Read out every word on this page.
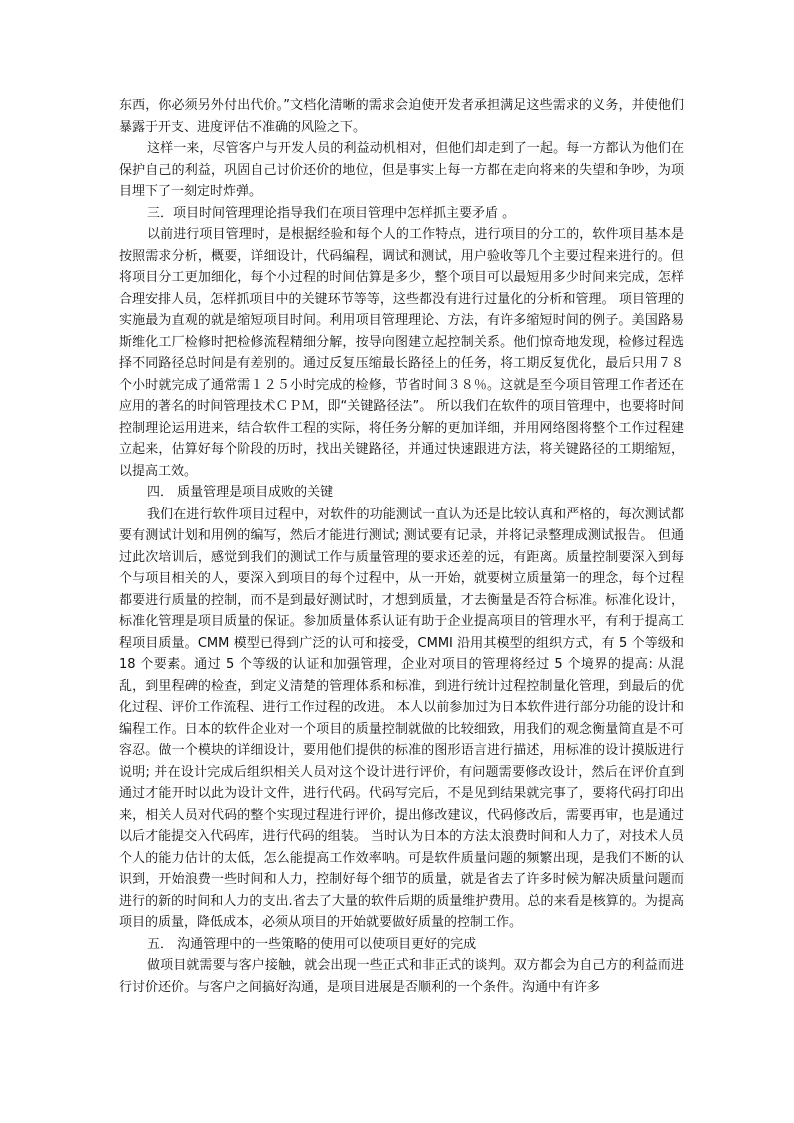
东西，你必须另外付出代价。”文档化清晰的需求会迫使开发者承担满足这些需求的义务，并使他们暴露于开支、进度评估不准确的风险之下。

这样一来，尽管客户与开发人员的利益动机相对，但他们却走到了一起。每一方都认为他们在保护自己的利益，巩固自己讨价还价的地位，但是事实上每一方都在走向将来的失望和争吵，为项目埋下了一刻定时炸弹。

三．项目时间管理理论指导我们在项目管理中怎样抓主要矛盾 。

以前进行项目管理时，是根据经验和每个人的工作特点，进行项目的分工的，软件项目基本是按照需求分析，概要，详细设计，代码编程，调试和测试，用户验收等几个主要过程来进行的。但将项目分工更加细化，每个小过程的时间估算是多少，整个项目可以最短用多少时间来完成，怎样合理安排人员，怎样抓项目中的关键环节等等，这些都没有进行过量化的分析和管理。 项目管理的实施最为直观的就是缩短项目时间。利用项目管理理论、方法，有许多缩短时间的例子。美国路易斯维化工厂检修时把检修流程精细分解，按导向图建立起控制关系。他们惊奇地发现，检修过程选择不同路径总时间是有差别的。通过反复压缩最长路径上的任务，将工期反复优化，最后只用７８个小时就完成了通常需１２５小时完成的检修，节省时间３８％。这就是至今项目管理工作者还在应用的著名的时间管理技术ＣＰＭ，即“关键路径法”。 所以我们在软件的项目管理中，也要将时间控制理论运用进来，结合软件工程的实际，将任务分解的更加详细，并用网络图将整个工作过程建立起来，估算好每个阶段的历时，找出关键路径，并通过快速跟进方法，将关键路径的工期缩短，以提高工效。

四． 质量管理是项目成败的关键

我们在进行软件项目过程中，对软件的功能测试一直认为还是比较认真和严格的，每次测试都要有测试计划和用例的编写，然后才能进行测试; 测试要有记录，并将记录整理成测试报告。 但通过此次培训后，感觉到我们的测试工作与质量管理的要求还差的远，有距离。质量控制要深入到每个与项目相关的人，要深入到项目的每个过程中，从一开始，就要树立质量第一的理念，每个过程都要进行质量的控制，而不是到最好测试时，才想到质量，才去衡量是否符合标准。标准化设计，标准化管理是项目质量的保证。参加质量体系认证有助于企业提高项目的管理水平，有利于提高工程项目质量。CMM 模型已得到广泛的认可和接受，CMMI 沿用其模型的组织方式，有 5 个等级和 18 个要素。通过 5 个等级的认证和加强管理，企业对项目的管理将经过 5 个境界的提高: 从混乱，到里程碑的检查，到定义清楚的管理体系和标准，到进行统计过程控制量化管理，到最后的优化过程、评价工作流程、进行工作过程的改进。 本人以前参加过为日本软件进行部分功能的设计和编程工作。日本的软件企业对一个项目的质量控制就做的比较细致，用我们的观念衡量简直是不可容忍。做一个模块的详细设计，要用他们提供的标准的图形语言进行描述，用标准的设计摸版进行说明; 并在设计完成后组织相关人员对这个设计进行评价，有问题需要修改设计，然后在评价直到通过才能开时以此为设计文件，进行代码。代码写完后，不是见到结果就完事了，要将代码打印出来，相关人员对代码的整个实现过程进行评价，提出修改建议，代码修改后，需要再审，也是通过以后才能提交入代码库，进行代码的组装。 当时认为日本的方法太浪费时间和人力了，对技术人员个人的能力估计的太低，怎么能提高工作效率呐。可是软件质量问题的频繁出现，是我们不断的认识到，开始浪费一些时间和人力，控制好每个细节的质量，就是省去了许多时候为解决质量问题而进行的新的时间和人力的支出.省去了大量的软件后期的质量维护费用。总的来看是核算的。为提高项目的质量，降低成本，必须从项目的开始就要做好质量的控制工作。

五． 沟通管理中的一些策略的使用可以使项目更好的完成

做项目就需要与客户接触，就会出现一些正式和非正式的谈判。双方都会为自己方的利益而进行讨价还价。与客户之间搞好沟通，是项目进展是否顺利的一个条件。沟通中有许多
